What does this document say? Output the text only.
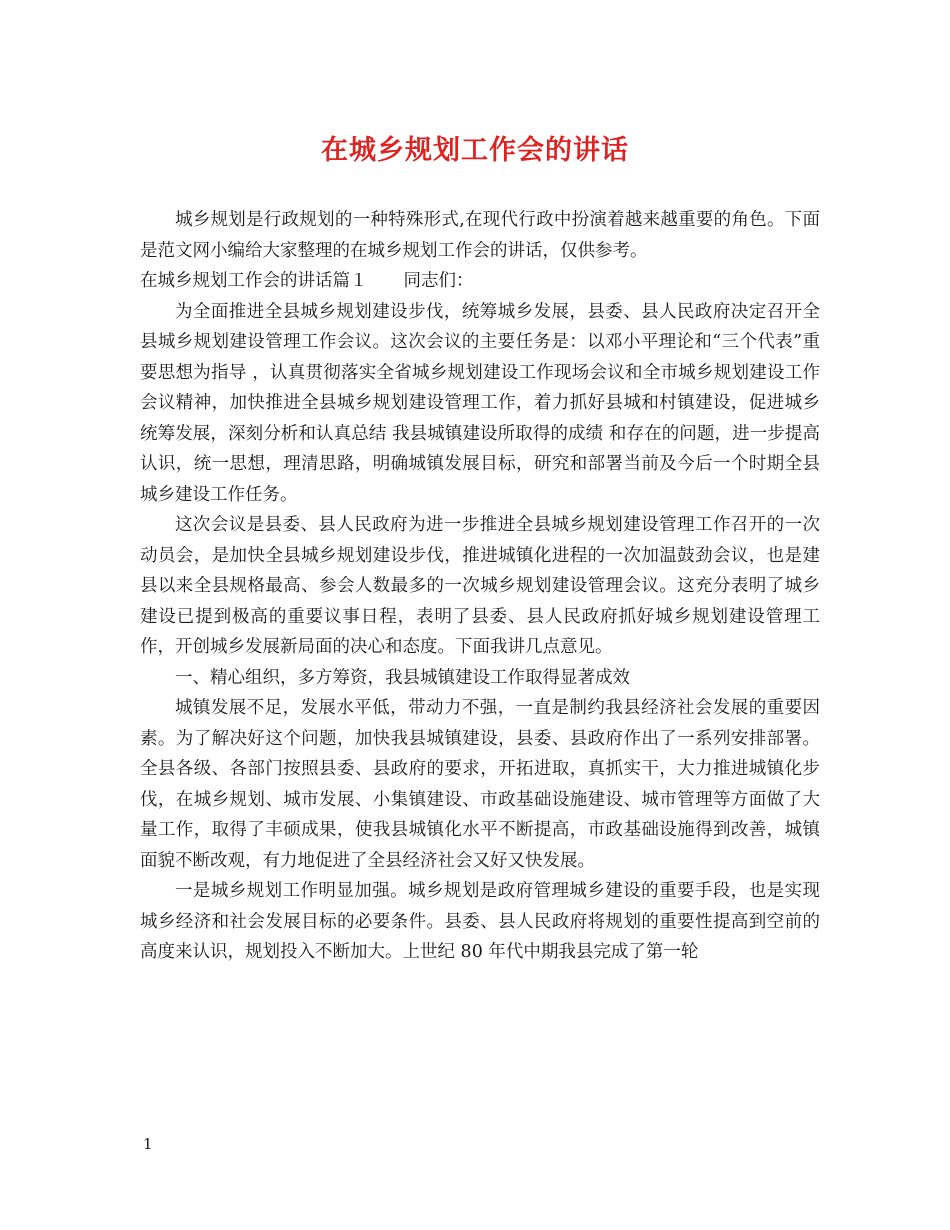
在城乡规划工作会的讲话

城乡规划是行政规划的一种特殊形式,在现代行政中扮演着越来越重要的角色。下面是范文网小编给大家整理的在城乡规划工作会的讲话，仅供参考。

在城乡规划工作会的讲话篇１ 同志们：

为全面推进全县城乡规划建设步伐，统筹城乡发展，县委、县人民政府决定召开全县城乡规划建设管理工作会议。这次会议的主要任务是：以邓小平理论和“三个代表”重要思想为指导 ，认真贯彻落实全省城乡规划建设工作现场会议和全市城乡规划建设工作会议精神，加快推进全县城乡规划建设管理工作，着力抓好县城和村镇建设，促进城乡统筹发展，深刻分析和认真总结 我县城镇建设所取得的成绩 和存在的问题，进一步提高认识，统一思想，理清思路，明确城镇发展目标，研究和部署当前及今后一个时期全县城乡建设工作任务。

这次会议是县委、县人民政府为进一步推进全县城乡规划建设管理工作召开的一次动员会，是加快全县城乡规划建设步伐，推进城镇化进程的一次加温鼓劲会议，也是建县以来全县规格最高、参会人数最多的一次城乡规划建设管理会议。这充分表明了城乡建设已提到极高的重要议事日程，表明了县委、县人民政府抓好城乡规划建设管理工作，开创城乡发展新局面的决心和态度。下面我讲几点意见。

一、精心组织，多方筹资，我县城镇建设工作取得显著成效

城镇发展不足，发展水平低，带动力不强，一直是制约我县经济社会发展的重要因素。为了解决好这个问题，加快我县城镇建设，县委、县政府作出了一系列安排部署。全县各级、各部门按照县委、县政府的要求，开拓进取，真抓实干，大力推进城镇化步伐，在城乡规划、城市发展、小集镇建设、市政基础设施建设、城市管理等方面做了大量工作，取得了丰硕成果，使我县城镇化水平不断提高，市政基础设施得到改善，城镇面貌不断改观，有力地促进了全县经济社会又好又快发展。

一是城乡规划工作明显加强。城乡规划是政府管理城乡建设的重要手段，也是实现城乡经济和社会发展目标的必要条件。县委、县人民政府将规划的重要性提高到空前的高度来认识，规划投入不断加大。上世纪 80 年代中期我县完成了第一轮

1
